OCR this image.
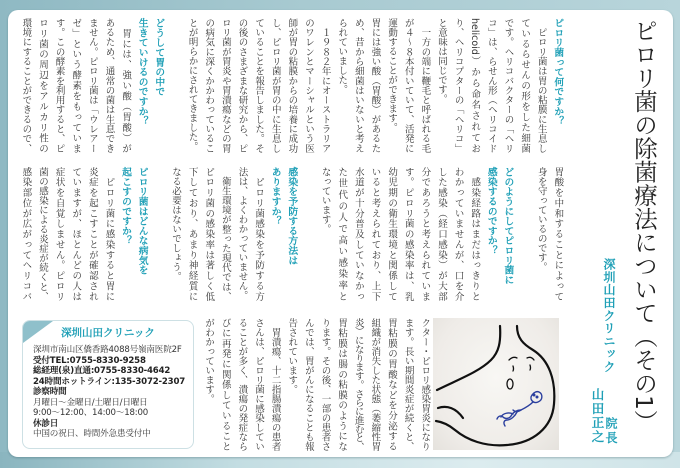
ピロリ菌の除菌療法について（その1）
深圳山田クリニック
院長
山田正之
ピロリ菌って何ですか？
　ピロリ菌は胃の粘膜に生息し
ているらせんの形をした細菌
です。ヘリコバクターの「ヘリ
コ」は、らせん形（ヘリコイド
helicoid）から命名されてお
り、ヘリコプターの「ヘリコ」
と意味は同じです。
　一方の端に鞭毛と呼ばれる毛
が４～８本付いていて、活発に
運動することができます。
胃には強い酸（胃酸）があるた
め、昔から細菌はいないと考え
られていました。
　１９８２年にオーストラリア
のワレンとマーシャルという医
師が胃の粘膜からの培養に成功
し、ピロリ菌が胃の中に生息し
ていることを報告しました。そ
の後のさまざまな研究から、ピ
ロリ菌が胃炎や胃潰瘍などの胃
の病気に深くかかわっているこ
とが明らかにされてきました。
どうして胃の中で
生きていけるのですか？
　胃には、強い酸（胃酸）が
あるため、通常の菌は生息でき
ません。ピロリ菌は「ウレアー
ゼ」という酵素をもっていま
す。この酵素を利用すると、ピ
ロリ菌の周辺をアルカリ性の
環境にすることができるので、
胃酸を中和することによって
身を守っているのです。
どのようにしてピロリ菌に
感染するのですか？
　感染経路はまだはっきりと
わかっていませんが、口を介
した感染（経口感染）が大部
分であろうと考えられていま
す。ピロリ菌の感染率は、乳
幼児期の衛生環境と関係して
いると考えられており、上下
水道が十分普及していなかっ
た世代の人で高い感染率と
なっています。
感染を予防する方法は
ありますか？
　ピロリ菌感染を予防する方
法は、よくわかっていません。
　衛生環境が整った現代では、
ピロリ菌の感染率は著しく低
下しており、あまり神経質に
なる必要はないでしょう。
ピロリ菌はどんな病気を
起こすのですか？
　ピロリ菌に感染すると胃に
炎症を起こすことが確認され
ていますが、ほとんどの人は
症状を自覚しません。ピロリ
菌の感染による炎症が続くと、
感染部位が広がってヘリコバ
クター・ピロリ感染胃炎になり
ます。長い期間炎症が続くと、
胃粘膜の胃酸などを分泌する
組織が消失した状態（萎縮性胃
炎）になります。さらに進むと、
胃粘膜は腸の粘膜のようにな
ります。その後、一部の患者さ
んでは、胃がんになることも報
告されています。
　胃潰瘍、十二指腸潰瘍の患者
さんは、ピロリ菌に感染してい
ることが多く、潰瘍の発症なら
びに再発に関係していること
がわかっています。
深圳山田クリニック
深圳市南山区僑香路4088号嶺南医院2F
受付TEL:0755-8330-9258
総経理(泉)直通:0755-8330-4642
24時間ホットライン:135-3072-2307
診察時間
月曜日～金曜日/土曜日/日曜日
9:00～12:00、14:00～18:00
休診日
中国の祝日、時間外急患受付中
